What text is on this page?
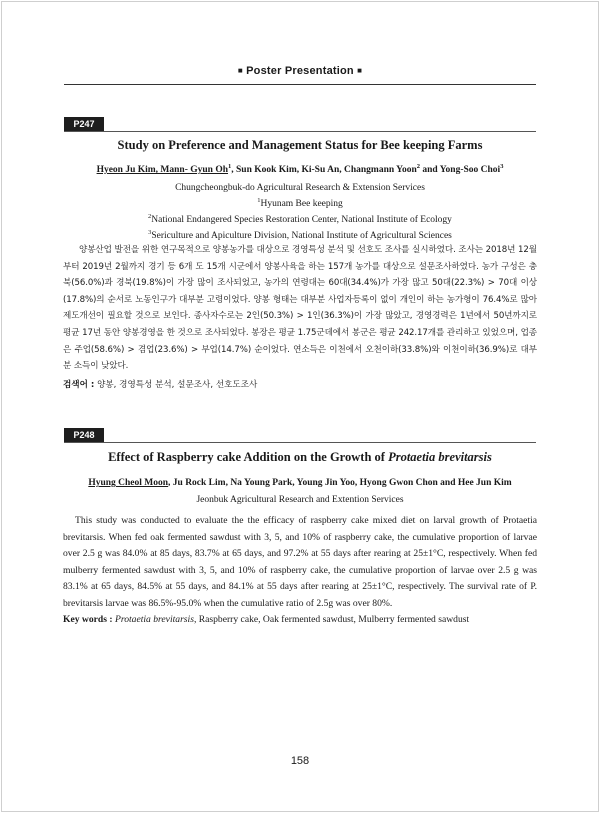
■ Poster Presentation ■
P247
Study on Preference and Management Status for Bee keeping Farms
Hyeon Ju Kim, Mann- Gyun Oh$^1$, Sun Kook Kim, Ki-Su An, Changmann Yoon$^2$ and Yong-Soo Choi$^3$
Chungcheongbuk-do Agricultural Research & Extension Services
$^1$Hyunam Bee keeping
$^2$National Endangered Species Restoration Center, National Institute of Ecology
$^3$Sericulture and Apiculture Division, National Institute of Agricultural Sciences
양봉산업 발전을 위한 연구목적으로 양봉농가를 대상으로 경영특성 분석 및 선호도 조사를 실시하였다. 조사는 2018년 12월부터 2019년 2월까지 경기 등 6개 도 15개 시군에서 양봉사육을 하는 157개 농가를 대상으로 설문조사하였다. 농가 구성은 충북(56.0%)과 경북(19.8%)이 가장 많이 조사되었고, 농가의 연령대는 60대(34.4%)가 가장 많고 50대(22.3%) > 70대 이상(17.8%)의 순서로 노동인구가 대부분 고령이었다. 양봉 형태는 대부분 사업자등록이 없이 개인이 하는 농가형이 76.4%로 많아 제도개선이 필요할 것으로 보인다. 종사자수로는 2인(50.3%) > 1인(36.3%)이 가장 많았고, 경영경력은 1년에서 50년까지로 평균 17년 동안 양봉경영을 한 것으로 조사되었다. 봉장은 평균 1.75군데에서 봉군은 평균 242.17개를 관리하고 있었으며, 업종은 주업(58.6%) > 겸업(23.6%) > 부업(14.7%) 순이었다. 연소득은 이천에서 오천이하(33.8%)와 이천이하(36.9%)로 대부분 소득이 낮았다.
검색어 : 양봉, 경영특성 분석, 설문조사, 선호도조사
P248
Effect of Raspberry cake Addition on the Growth of Protaetia brevitarsis
Hyung Cheol Moon, Ju Rock Lim, Na Young Park, Young Jin Yoo, Hyong Gwon Chon and Hee Jun Kim
Jeonbuk Agricultural Research and Extention Services
This study was conducted to evaluate the the efficacy of raspberry cake mixed diet on larval growth of Protaetia brevitarsis. When fed oak fermented sawdust with 3, 5, and 10% of raspberry cake, the cumulative proportion of larvae over 2.5 g was 84.0% at 85 days, 83.7% at 65 days, and 97.2% at 55 days after rearing at 25±1°C, respectively. When fed mulberry fermented sawdust with 3, 5, and 10% of raspberry cake, the cumulative proportion of larvae over 2.5 g was 83.1% at 65 days, 84.5% at 55 days, and 84.1% at 55 days after rearing at 25±1°C, respectively. The survival rate of P. brevitarsis larvae was 86.5%-95.0% when the cumulative ratio of 2.5g was over 80%.
Key words : Protaetia brevitarsis, Raspberry cake, Oak fermented sawdust, Mulberry fermented sawdust
158
